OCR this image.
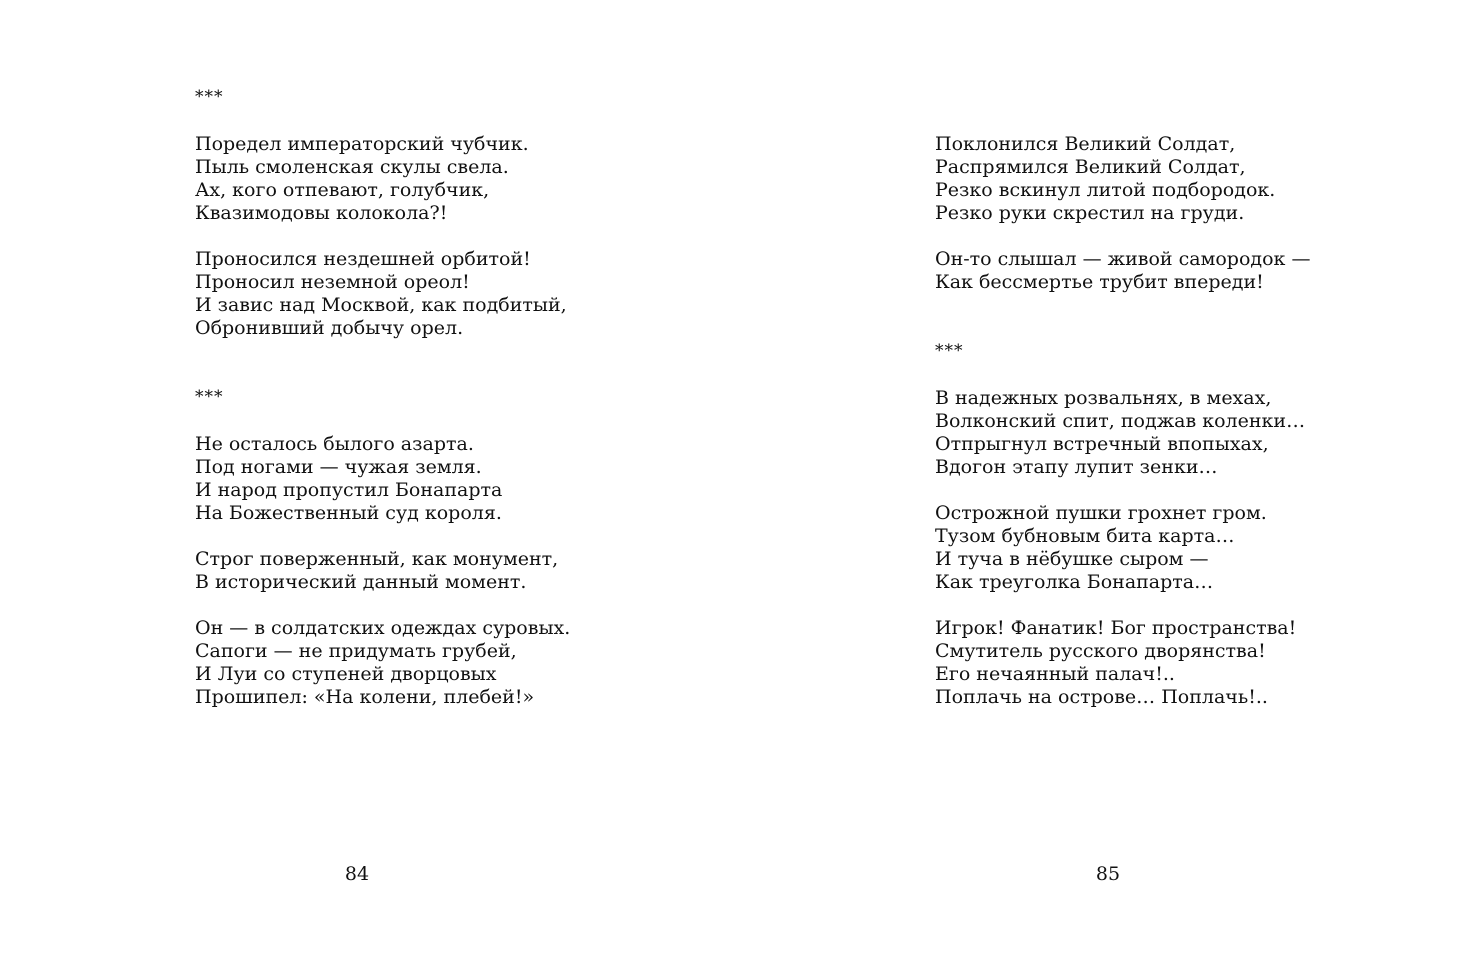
***
Поредел императорский чубчик.
Пыль смоленская скулы свела.
Ах, кого отпевают, голубчик,
Квазимодовы колокола?!
Проносился нездешней орбитой!
Проносил неземной ореол!
И завис над Москвой, как подбитый,
Обронивший добычу орел.
***
Не осталось былого азарта.
Под ногами — чужая земля.
И народ пропустил Бонапарта
На Божественный суд короля.
Строг поверженный, как монумент,
В исторический данный момент.
Он — в солдатских одеждах суровых.
Сапоги — не придумать грубей,
И Луи со ступеней дворцовых
Прошипел: «На колени, плебей!»
84
Поклонился Великий Солдат,
Распрямился Великий Солдат,
Резко вскинул литой подбородок.
Резко руки скрестил на груди.
Он-то слышал — живой самородок —
Как бессмертье трубит впереди!
***
В надежных розвальнях, в мехах,
Волконский спит, поджав коленки…
Отпрыгнул встречный впопыхах,
Вдогон этапу лупит зенки…
Острожной пушки грохнет гром.
Тузом бубновым бита карта…
И туча в нёбушке сыром —
Как треуголка Бонапарта…
Игрок! Фанатик! Бог пространства!
Смутитель русского дворянства!
Его нечаянный палач!..
Поплачь на острове… Поплачь!..
85
